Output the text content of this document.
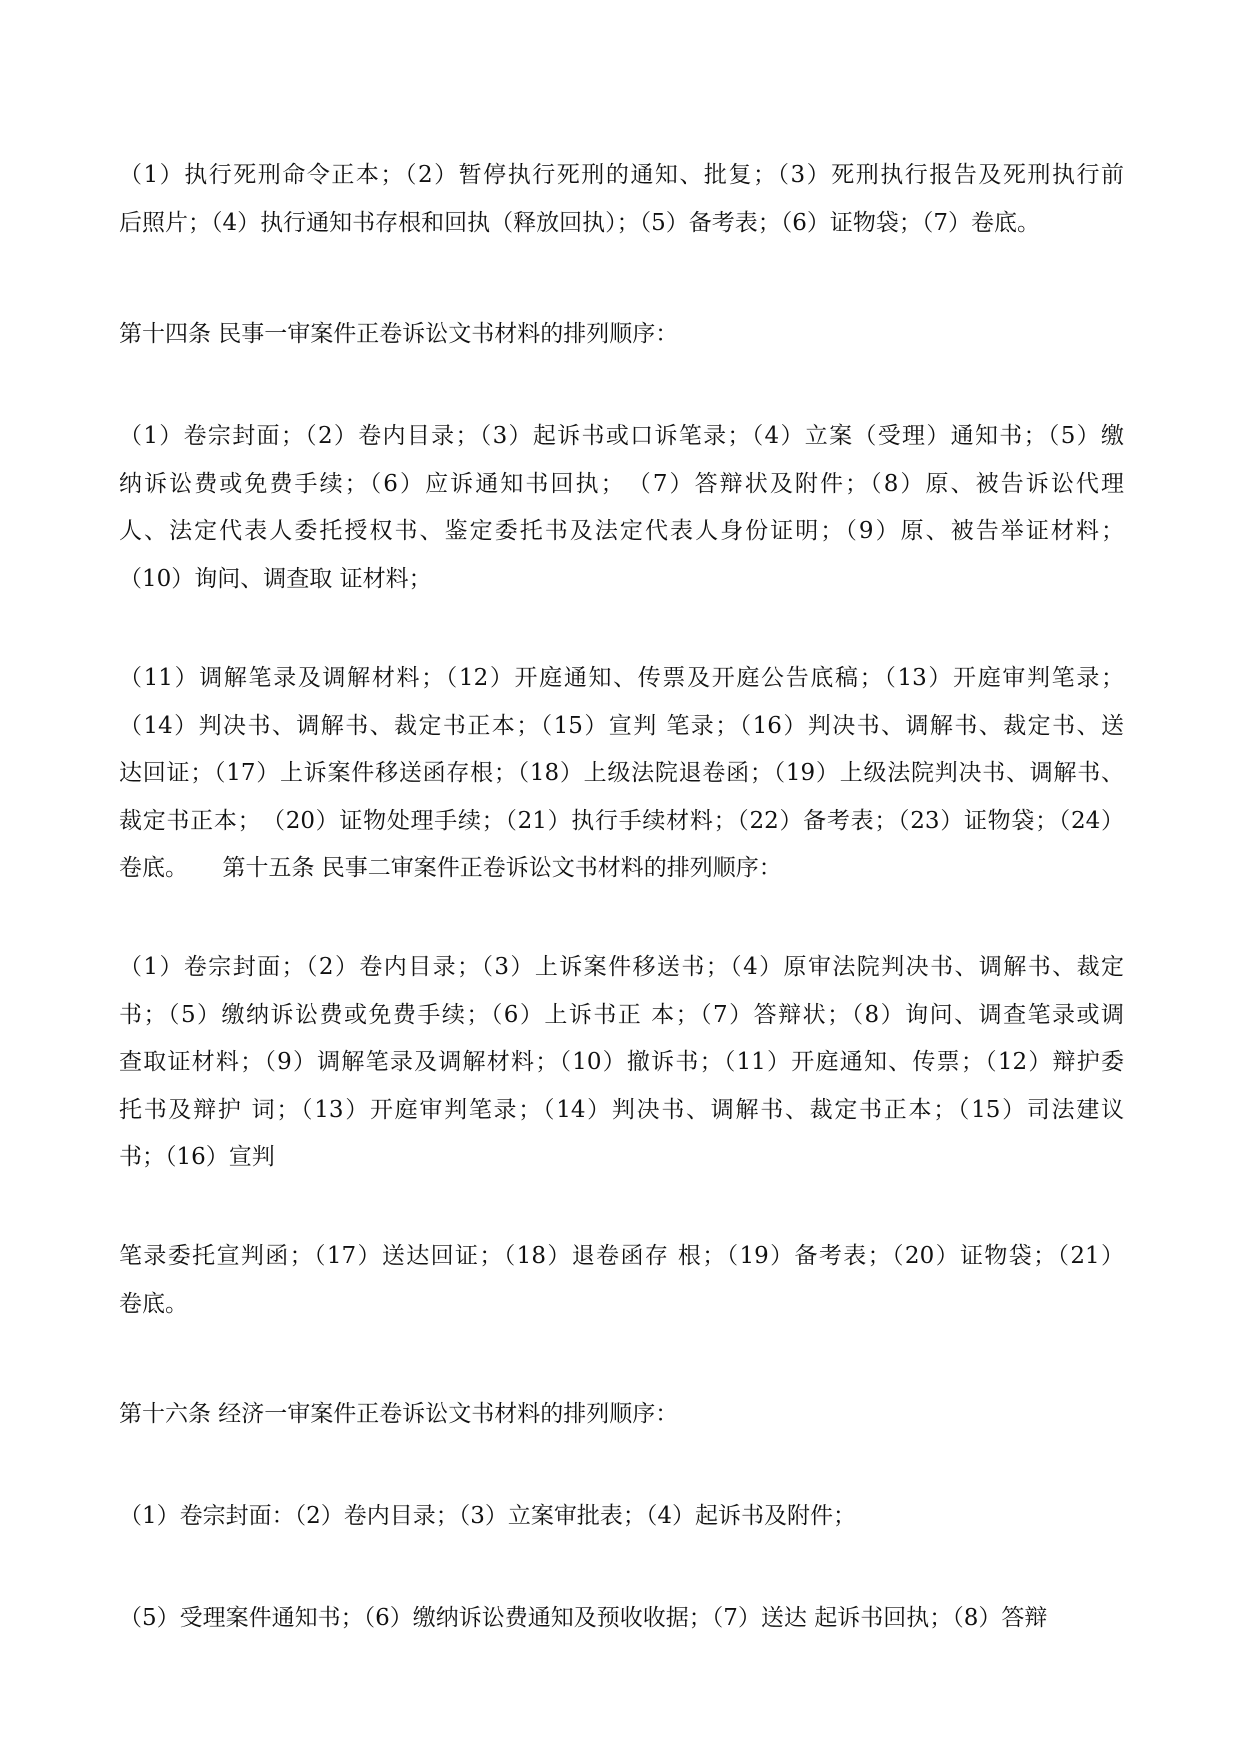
（1）执行死刑命令正本；（2）暂停执行死刑的通知、批复；（3）死刑执行报告及死刑执行前
后照片；（4）执行通知书存根和回执（释放回执）；（5）备考表；（6）证物袋；（7）卷底。
第十四条 民事一审案件正卷诉讼文书材料的排列顺序：
（1）卷宗封面；（2）卷内目录；（3）起诉书或口诉笔录；（4）立案（受理）通知书；（5）缴
纳诉讼费或免费手续；（6）应诉通知书回执；　（7）答辩状及附件；（8）原、被告诉讼代理
人、法定代表人委托授权书、鉴定委托书及法定代表人身份证明；（9）原、被告举证材料；
（10）询问、调查取 证材料；
（11）调解笔录及调解材料；（12）开庭通知、传票及开庭公告底稿；（13）开庭审判笔录；
（14）判决书、调解书、裁定书正本；（15）宣判 笔录；（16）判决书、调解书、裁定书、送
达回证；（17）上诉案件移送函存根；（18）上级法院退卷函；（19）上级法院判决书、调解书、
裁定书正本；　（20）证物处理手续；（21）执行手续材料；（22）备考表；（23）证物袋；（24）
卷底。　　第十五条 民事二审案件正卷诉讼文书材料的排列顺序：
（1）卷宗封面；（2）卷内目录；（3）上诉案件移送书；（4）原审法院判决书、调解书、裁定
书；（5）缴纳诉讼费或免费手续；（6）上诉书正 本；（7）答辩状；（8）询问、调查笔录或调
查取证材料；（9）调解笔录及调解材料；（10）撤诉书；（11）开庭通知、传票；（12）辩护委
托书及辩护 词；（13）开庭审判笔录；（14）判决书、调解书、裁定书正本；（15）司法建议
书；（16）宣判
笔录委托宣判函；（17）送达回证；（18）退卷函存 根；（19）备考表；（20）证物袋；（21）
卷底。
第十六条 经济一审案件正卷诉讼文书材料的排列顺序：
（1）卷宗封面：（2）卷内目录；（3）立案审批表；（4）起诉书及附件；
（5）受理案件通知书；（6）缴纳诉讼费通知及预收收据；（7）送达 起诉书回执；（8）答辩
